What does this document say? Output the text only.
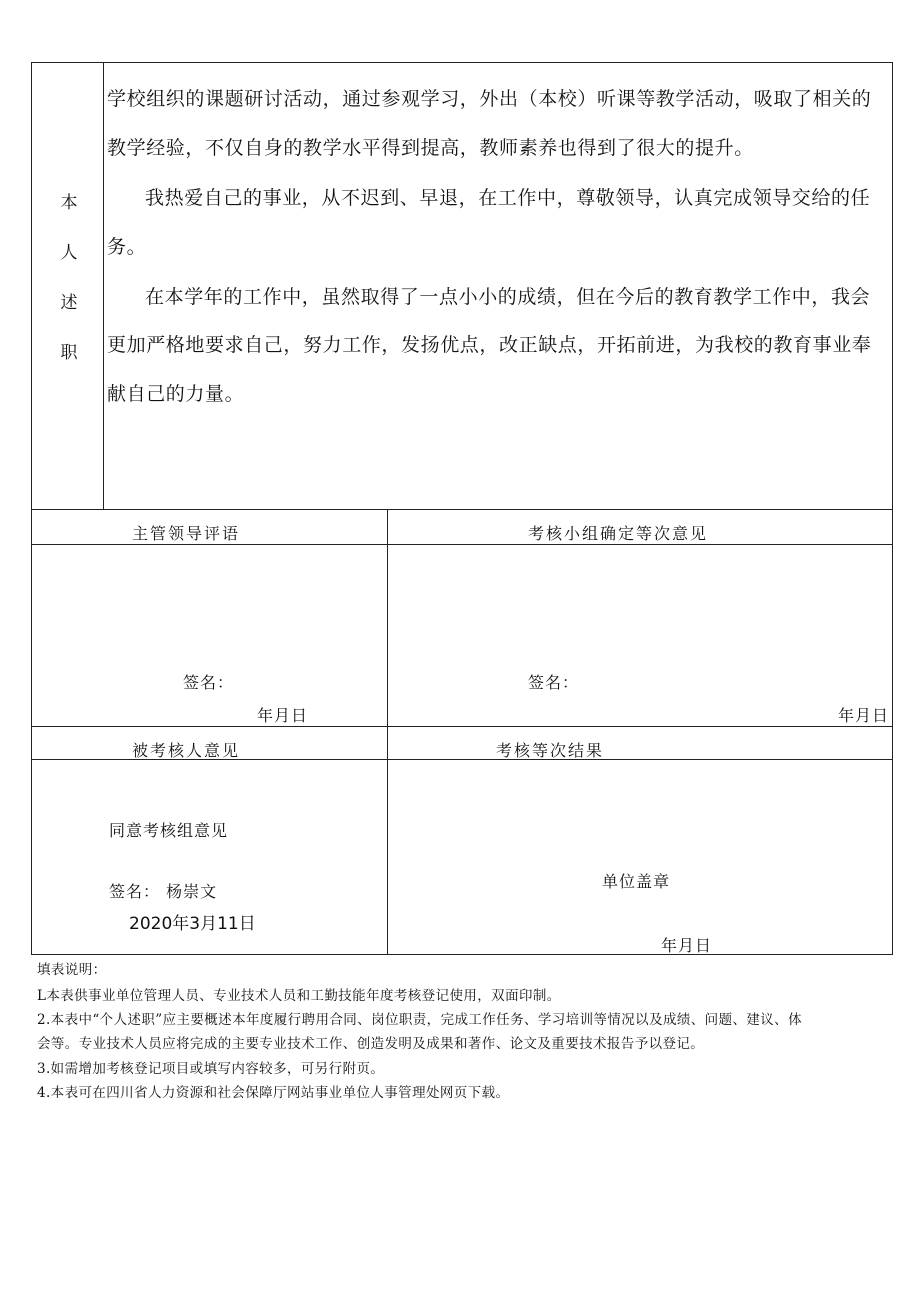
本
人
述
职
学校组织的课题研讨活动，通过参观学习，外出（本校）听课等教学活动，吸取了相关的
教学经验，不仅自身的教学水平得到提高，教师素养也得到了很大的提升。
我热爱自己的事业，从不迟到、早退，在工作中，尊敬领导，认真完成领导交给的任
务。
在本学年的工作中，虽然取得了一点小小的成绩，但在今后的教育教学工作中，我会
更加严格地要求自己，努力工作，发扬优点，改正缺点，开拓前进，为我校的教育事业奉
献自己的力量。
主管领导评语	考核小组确定等次意见
签名：
年月日
签名：
年月日
被考核人意见	考核等次结果
同意考核组意见
签名： 杨崇文
2020年3月11日
单位盖章
年月日
填表说明：
L本表供事业单位管理人员、专业技术人员和工勤技能年度考核登记使用，双面印制。
2.本表中“个人述职”应主要概述本年度履行聘用合同、岗位职责，完成工作任务、学习培训等情况以及成绩、问题、建议、体
会等。专业技术人员应将完成的主要专业技术工作、创造发明及成果和著作、论文及重要技术报告予以登记。
3.如需增加考核登记项目或填写内容较多，可另行附页。
4.本表可在四川省人力资源和社会保障厅网站事业单位人事管理处网页下载。
